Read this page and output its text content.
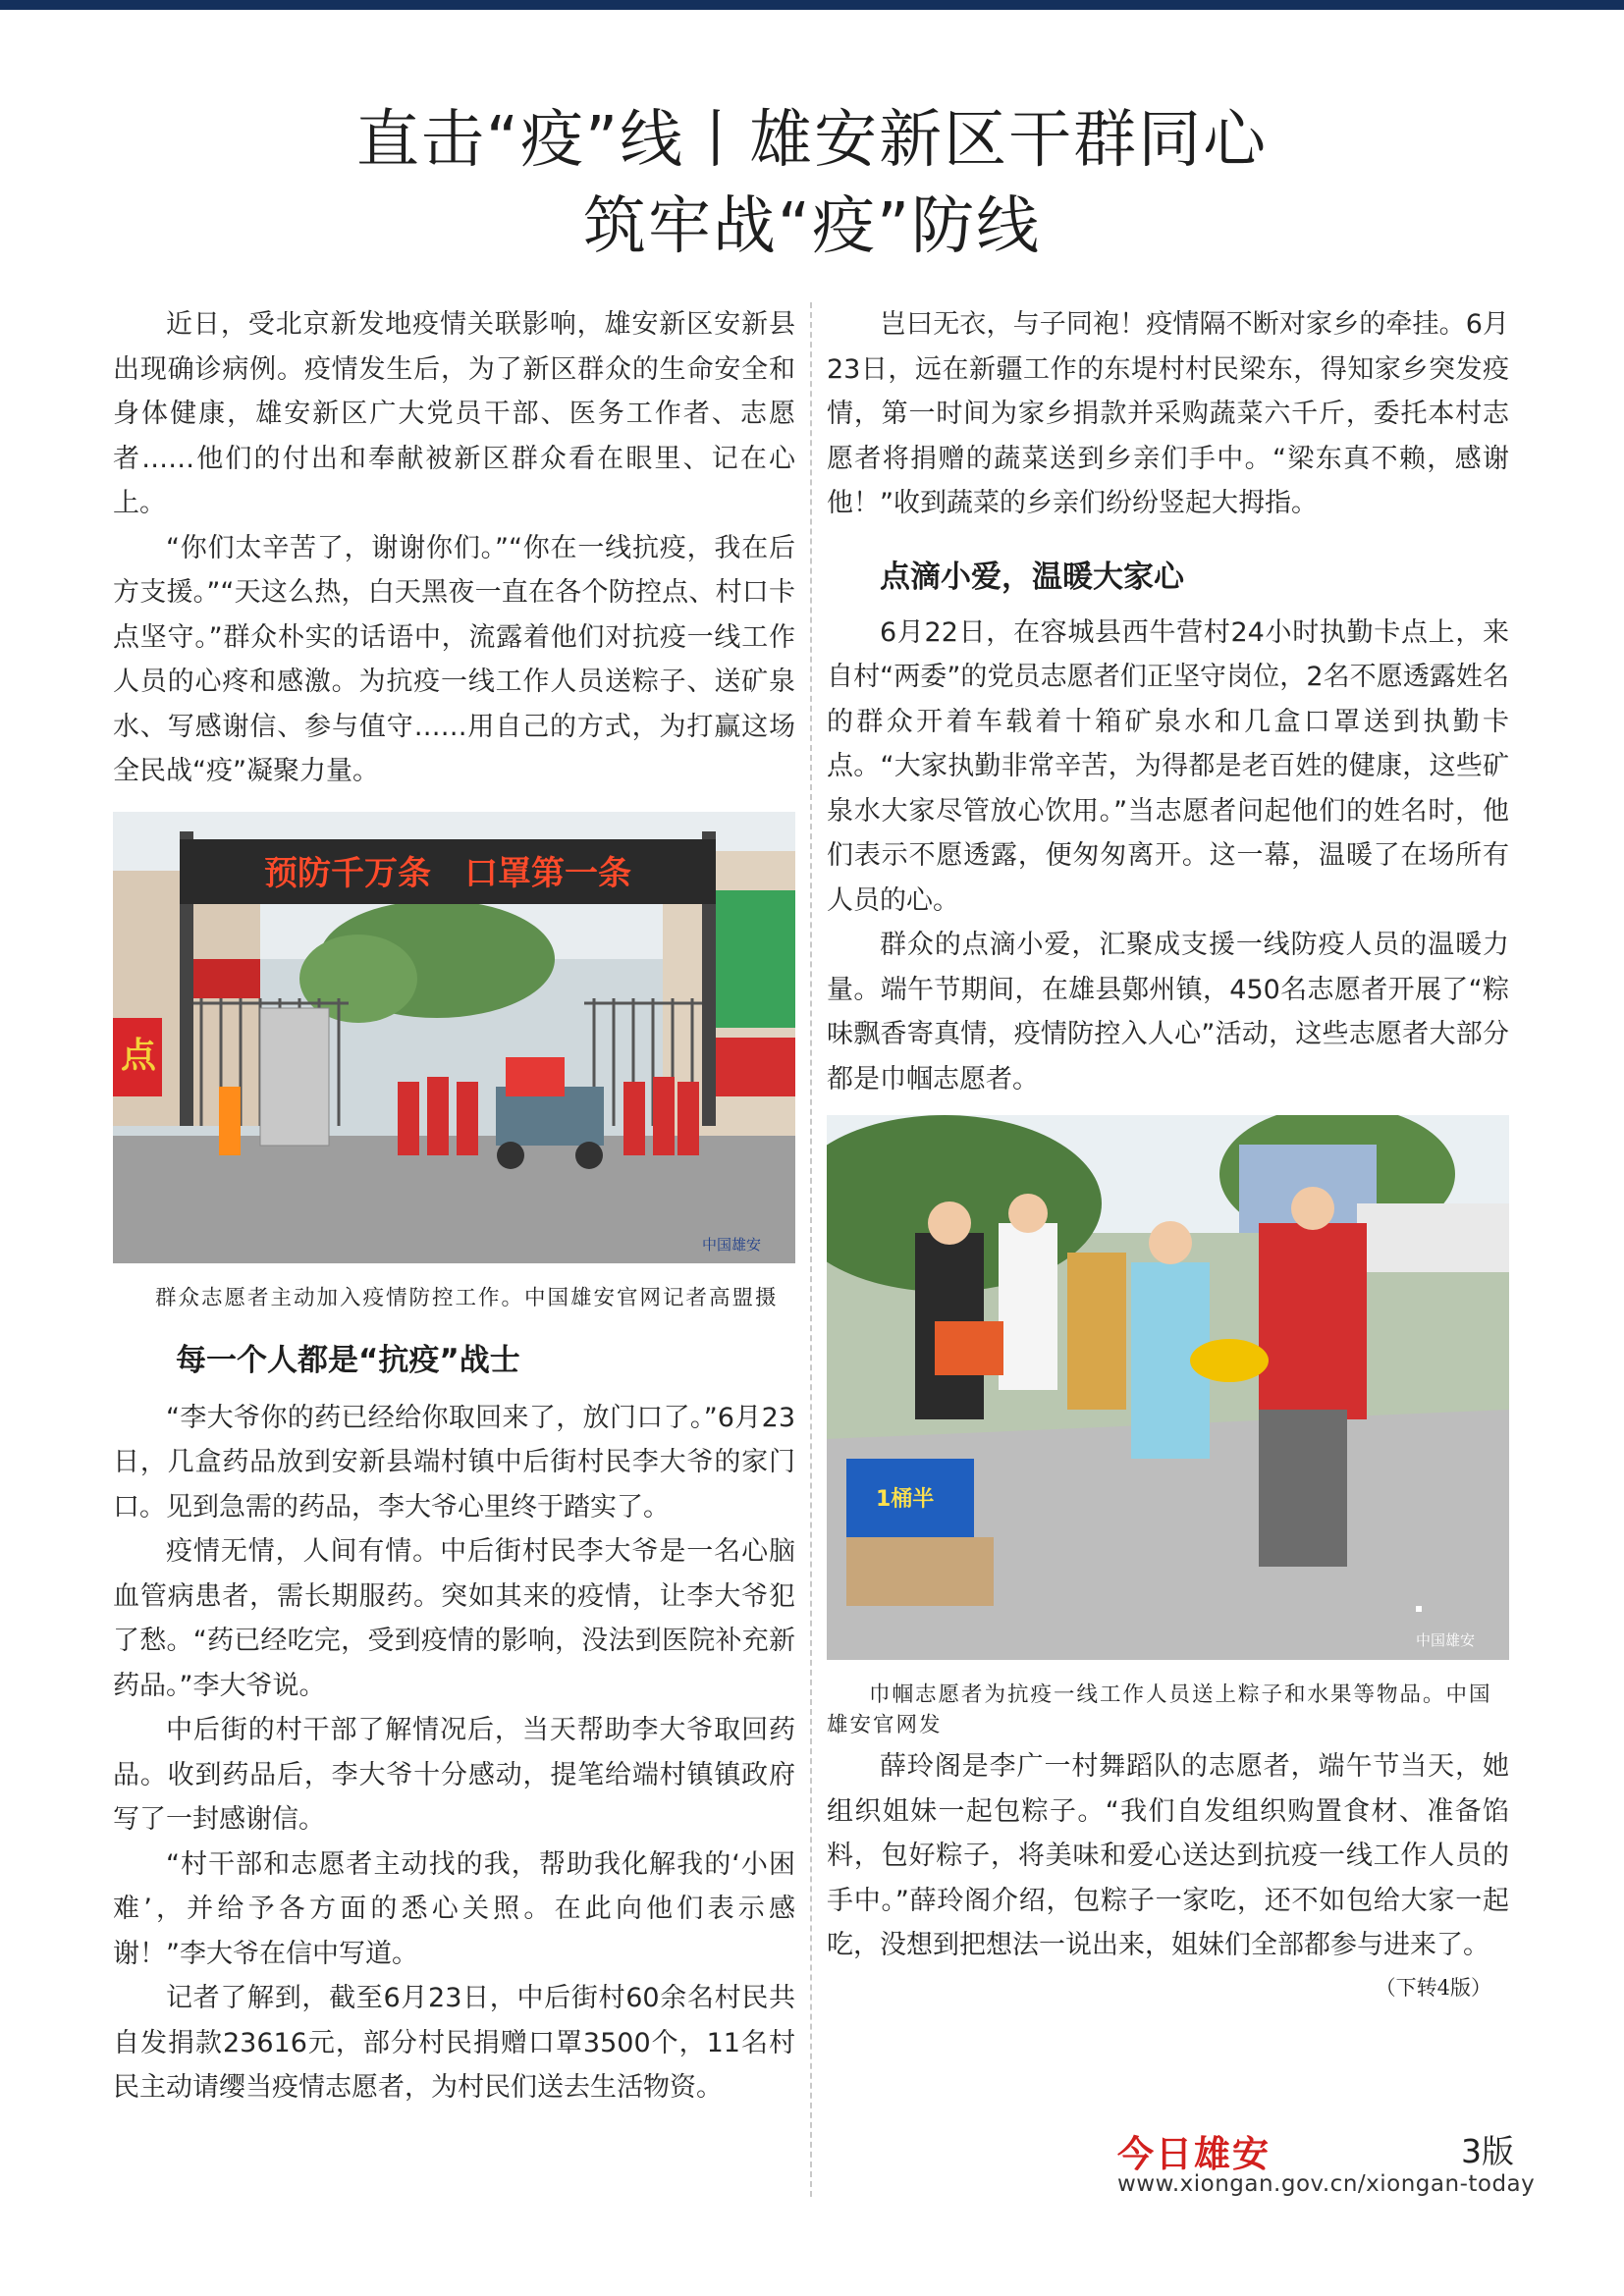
直击“疫”线丨雄安新区干群同心
筑牢战“疫”防线

近日，受北京新发地疫情关联影响，雄安新区安新县出现确诊病例。疫情发生后，为了新区群众的生命安全和身体健康，雄安新区广大党员干部、医务工作者、志愿者……他们的付出和奉献被新区群众看在眼里、记在心上。

“你们太辛苦了，谢谢你们。”“你在一线抗疫，我在后方支援。”“天这么热，白天黑夜一直在各个防控点、村口卡点坚守。”群众朴实的话语中，流露着他们对抗疫一线工作人员的心疼和感激。为抗疫一线工作人员送粽子、送矿泉水、写感谢信、参与值守……用自己的方式，为打赢这场全民战“疫”凝聚力量。

点
预防千万条　口罩第一条
中国雄安

群众志愿者主动加入疫情防控工作。中国雄安官网记者高盟摄

每一个人都是“抗疫”战士

“李大爷你的药已经给你取回来了，放门口了。”6月23日，几盒药品放到安新县端村镇中后街村民李大爷的家门口。见到急需的药品，李大爷心里终于踏实了。

疫情无情，人间有情。中后街村民李大爷是一名心脑血管病患者，需长期服药。突如其来的疫情，让李大爷犯了愁。“药已经吃完，受到疫情的影响，没法到医院补充新药品。”李大爷说。

中后街的村干部了解情况后，当天帮助李大爷取回药品。收到药品后，李大爷十分感动，提笔给端村镇镇政府写了一封感谢信。

“村干部和志愿者主动找的我，帮助我化解我的‘小困难’，并给予各方面的悉心关照。在此向他们表示感谢！”李大爷在信中写道。

记者了解到，截至6月23日，中后街村60余名村民共自发捐款23616元，部分村民捐赠口罩3500个，11名村民主动请缨当疫情志愿者，为村民们送去生活物资。

岂曰无衣，与子同袍！疫情隔不断对家乡的牵挂。6月23日，远在新疆工作的东堤村村民梁东，得知家乡突发疫情，第一时间为家乡捐款并采购蔬菜六千斤，委托本村志愿者将捐赠的蔬菜送到乡亲们手中。“梁东真不赖，感谢他！”收到蔬菜的乡亲们纷纷竖起大拇指。

点滴小爱，温暖大家心

6月22日，在容城县西牛营村24小时执勤卡点上，来自村“两委”的党员志愿者们正坚守岗位，2名不愿透露姓名的群众开着车载着十箱矿泉水和几盒口罩送到执勤卡点。“大家执勤非常辛苦，为得都是老百姓的健康，这些矿泉水大家尽管放心饮用。”当志愿者问起他们的姓名时，他们表示不愿透露，便匆匆离开。这一幕，温暖了在场所有人员的心。

群众的点滴小爱，汇聚成支援一线防疫人员的温暖力量。端午节期间，在雄县鄚州镇，450名志愿者开展了“粽味飘香寄真情，疫情防控入人心”活动，这些志愿者大部分都是巾帼志愿者。

1桶半
中国雄安

巾帼志愿者为抗疫一线工作人员送上粽子和水果等物品。中国雄安官网发

薛玲阁是李广一村舞蹈队的志愿者，端午节当天，她组织姐妹一起包粽子。“我们自发组织购置食材、准备馅料，包好粽子，将美味和爱心送达到抗疫一线工作人员的手中。”薛玲阁介绍，包粽子一家吃，还不如包给大家一起吃，没想到把想法一说出来，姐妹们全部都参与进来了。

（下转4版）
今日雄安	3版
www.xiongan.gov.cn/xiongan-today
